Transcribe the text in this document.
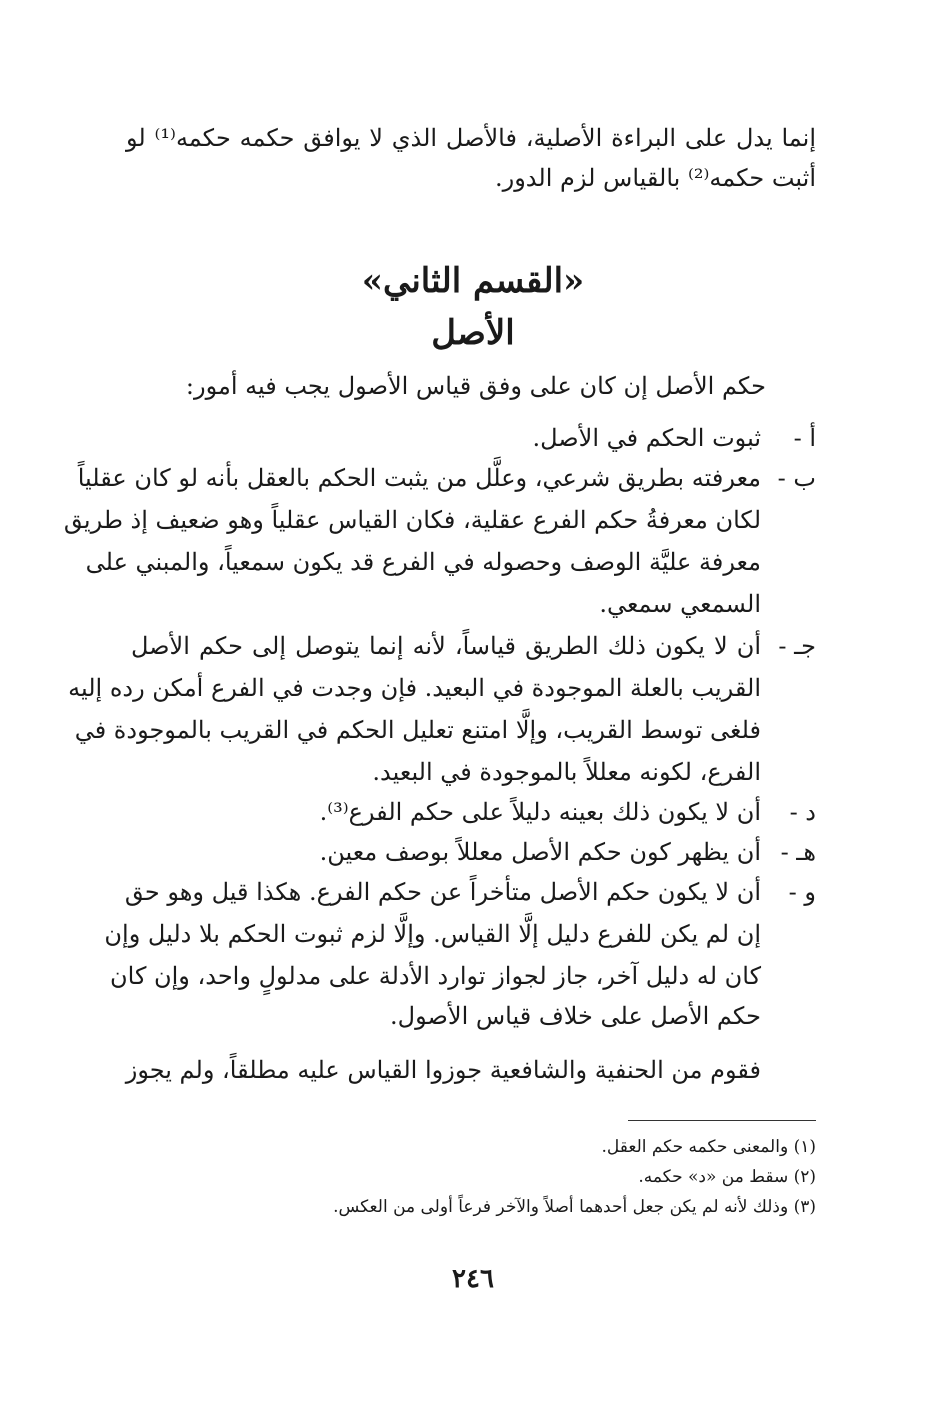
إنما يدل على البراءة الأصلية، فالأصل الذي لا يوافق حكمه حكمه⁽¹⁾ لو
أثبت حكمه⁽²⁾ بالقياس لزم الدور.
«القسم الثاني»
الأصل
حكم الأصل إن كان على وفق قياس الأصول يجب فيه أمور:
أ -
ثبوت الحكم في الأصل.
ب -
معرفته بطريق شرعي، وعلَّل من يثبت الحكم بالعقل بأنه لو كان عقلياً
لكان معرفةُ حكم الفرع عقلية، فكان القياس عقلياً وهو ضعيف إذ طريق
معرفة عليَّة الوصف وحصوله في الفرع قد يكون سمعياً، والمبني على
السمعي سمعي.
جـ -
أن لا يكون ذلك الطريق قياساً، لأنه إنما يتوصل إلى حكم الأصل
القريب بالعلة الموجودة في البعيد. فإن وجدت في الفرع أمكن رده إليه
فلغى توسط القريب، وإلَّا امتنع تعليل الحكم في القريب بالموجودة في
الفرع، لكونه معللاً بالموجودة في البعيد.
د -
أن لا يكون ذلك بعينه دليلاً على حكم الفرع⁽³⁾.
هـ -
أن يظهر كون حكم الأصل معللاً بوصف معين.
و -
أن لا يكون حكم الأصل متأخراً عن حكم الفرع. هكذا قيل وهو حق
إن لم يكن للفرع دليل إلَّا القياس. وإلَّا لزم ثبوت الحكم بلا دليل وإن
كان له دليل آخر، جاز لجواز توارد الأدلة على مدلولٍ واحد، وإن كان
حكم الأصل على خلاف قياس الأصول.
فقوم من الحنفية والشافعية جوزوا القياس عليه مطلقاً، ولم يجوز
(١) والمعنى حكمه حكم العقل.
(٢) سقط من «د» حكمه.
(٣) وذلك لأنه لم يكن جعل أحدهما أصلاً والآخر فرعاً أولى من العكس.
٢٤٦
